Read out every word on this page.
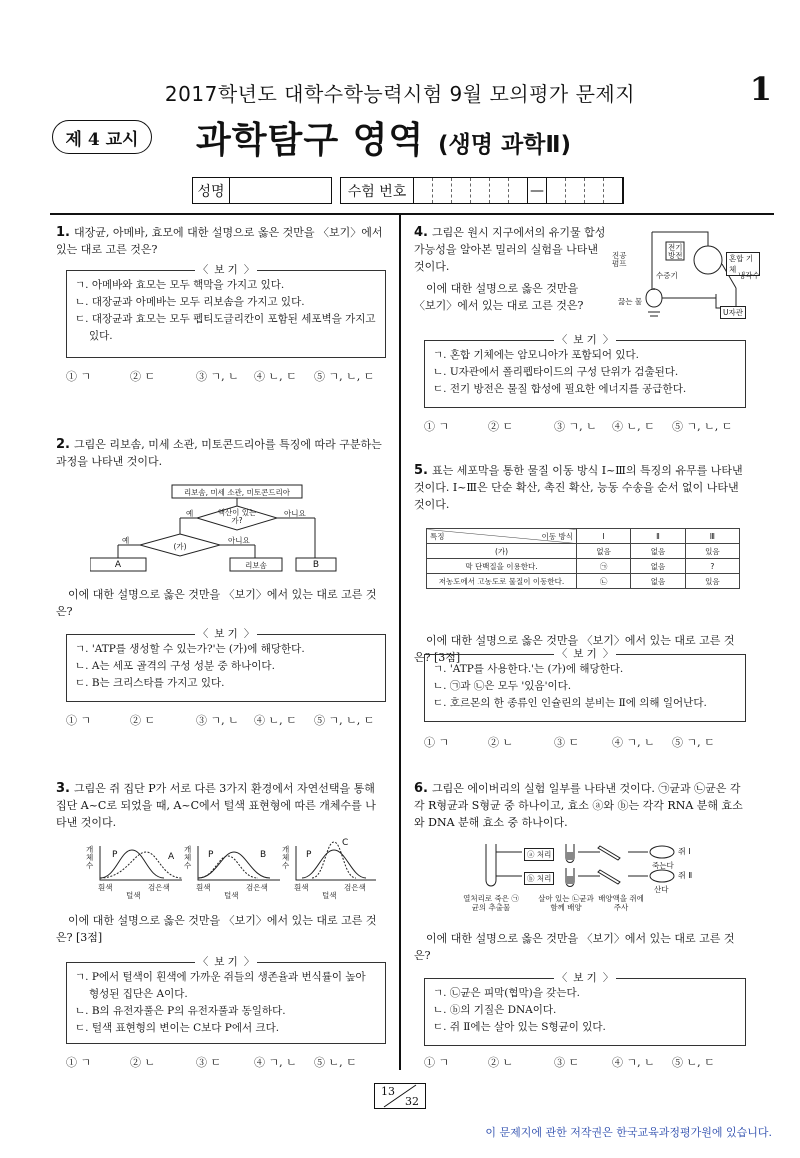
2017학년도 대학수학능력시험 9월 모의평가 문제지	1
제 4 교시	과학탐구 영역 (생명 과학Ⅱ)
성명	수험 번호	—
1. 대장균, 아메바, 효모에 대한 설명으로 옳은 것만을 〈보기〉에서 있는 대로 고른 것은?
〈 보 기 〉
ㄱ. 아메바와 효모는 모두 핵막을 가지고 있다.
ㄴ. 대장균과 아메바는 모두 리보솜을 가지고 있다.
ㄷ. 대장균과 효모는 모두 펩티도글리칸이 포함된 세포벽을 가지고 있다.
① ㄱ	② ㄷ	③ ㄱ, ㄴ	④ ㄴ, ㄷ	⑤ ㄱ, ㄴ, ㄷ
2. 그림은 리보솜, 미세 소관, 미토콘드리아를 특징에 따라 구분하는 과정을 나타낸 것이다.
리보솜, 미세 소관, 미토콘드리아
핵산이 있는가?
예	아니요
(가)
예	아니요
A	리보솜	B
이에 대한 설명으로 옳은 것만을 〈보기〉에서 있는 대로 고른 것은?
〈 보 기 〉
ㄱ. 'ATP를 생성할 수 있는가?'는 (가)에 해당한다.
ㄴ. A는 세포 골격의 구성 성분 중 하나이다.
ㄷ. B는 크리스타를 가지고 있다.
① ㄱ	② ㄷ	③ ㄱ, ㄴ	④ ㄴ, ㄷ	⑤ ㄱ, ㄴ, ㄷ
3. 그림은 쥐 집단 P가 서로 다른 3가지 환경에서 자연선택을 통해 집단 A~C로 되었을 때, A~C에서 털색 표현형에 따른 개체수를 나타낸 것이다.
개체수
개체수
개체수
P	A	P	B	P
C
흰색	검은색
털색
흰색	검은색
털색
흰색	검은색
털색
이에 대한 설명으로 옳은 것만을 〈보기〉에서 있는 대로 고른 것은? [3점]
〈 보 기 〉
ㄱ. P에서 털색이 흰색에 가까운 쥐들의 생존율과 번식률이 높아 형성된 집단은 A이다.
ㄴ. B의 유전자풀은 P의 유전자풀과 동일하다.
ㄷ. 털색 표현형의 변이는 C보다 P에서 크다.
① ㄱ	② ㄴ	③ ㄷ	④ ㄱ, ㄴ	⑤ ㄴ, ㄷ
4. 그림은 원시 지구에서의 유기물 합성 가능성을 알아본 밀러의 실험을 나타낸 것이다.
이에 대한 설명으로 옳은 것만을 〈보기〉에서 있는 대로 고른 것은?
진공 펌프
전기 방전	혼합 기체
수증기	냉각수
끓는 물
U자관
〈 보 기 〉
ㄱ. 혼합 기체에는 암모니아가 포함되어 있다.
ㄴ. U자관에서 폴리펩타이드의 구성 단위가 검출된다.
ㄷ. 전기 방전은 물질 합성에 필요한 에너지를 공급한다.
① ㄱ	② ㄷ	③ ㄱ, ㄴ	④ ㄴ, ㄷ	⑤ ㄱ, ㄴ, ㄷ
5. 표는 세포막을 통한 물질 이동 방식 Ⅰ~Ⅲ의 특징의 유무를 나타낸 것이다. Ⅰ~Ⅲ은 단순 확산, 촉진 확산, 능동 수송을 순서 없이 나타낸 것이다.
특징 이동 방식	Ⅰ	Ⅱ	Ⅲ
(가)	없음	없음	있음
막 단백질을 이용한다.	㉠	없음	?
저농도에서 고농도로 물질이 이동한다.	㉡	없음	있음
이에 대한 설명으로 옳은 것만을 〈보기〉에서 있는 대로 고른 것은? [3점]	〈 보 기 〉
ㄱ. 'ATP를 사용한다.'는 (가)에 해당한다.
ㄴ. ㉠과 ㉡은 모두 '있음'이다.
ㄷ. 호르몬의 한 종류인 인슐린의 분비는 Ⅱ에 의해 일어난다.
① ㄱ	② ㄴ	③ ㄷ	④ ㄱ, ㄴ	⑤ ㄱ, ㄷ
6. 그림은 에이버리의 실험 일부를 나타낸 것이다. ㉠균과 ㉡균은 각각 R형균과 S형균 중 하나이고, 효소 ⓐ와 ⓑ는 각각 RNA 분해 효소와 DNA 분해 효소 중 하나이다.
ⓐ 처리
ⓑ 처리
쥐 Ⅰ
죽는다
쥐 Ⅱ
산다
열처리로 죽은 ㉠균의 추출물
살아 있는 ㉡균과 함께 배양
배양액을 쥐에 주사
이에 대한 설명으로 옳은 것만을 〈보기〉에서 있는 대로 고른 것은?
〈 보 기 〉
ㄱ. ㉡균은 피막(협막)을 갖는다.
ㄴ. ⓑ의 기질은 DNA이다.
ㄷ. 쥐 Ⅱ에는 살아 있는 S형균이 있다.
① ㄱ	② ㄴ	③ ㄷ	④ ㄱ, ㄴ	⑤ ㄴ, ㄷ
13
32
이 문제지에 관한 저작권은 한국교육과정평가원에 있습니다.
